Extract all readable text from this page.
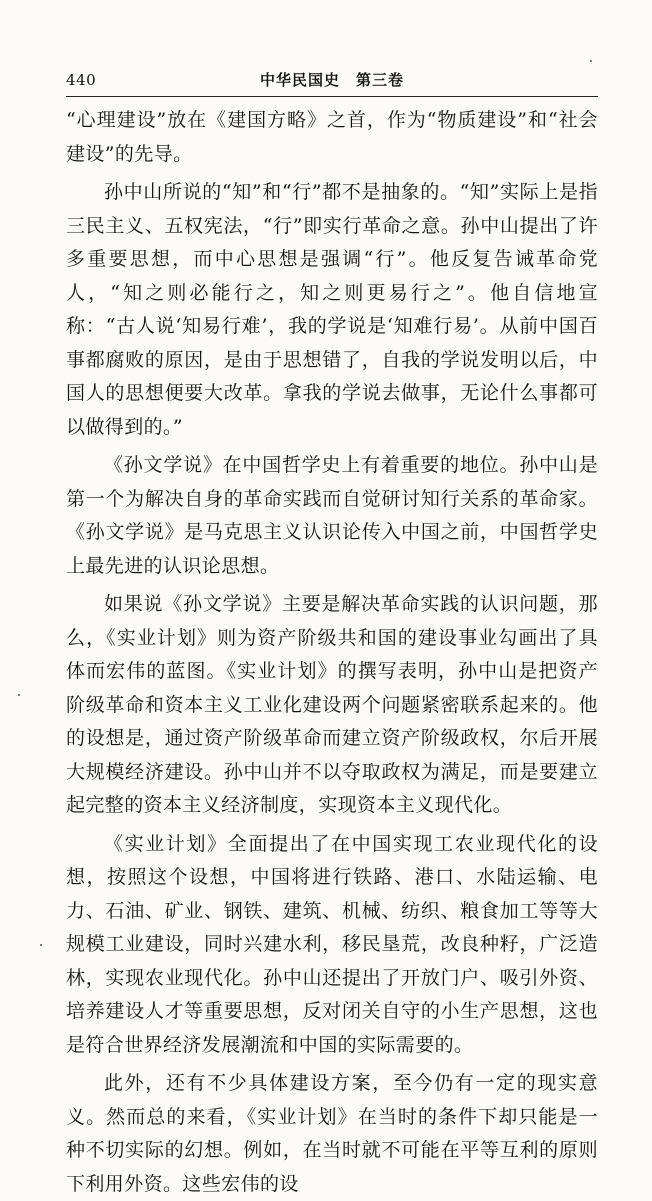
440	中华民国史　第三卷

“心理建设”放在《建国方略》之首，作为“物质建设”和“社会建设”的先导。

孙中山所说的“知”和“行”都不是抽象的。“知”实际上是指三民主义、五权宪法，“行”即实行革命之意。孙中山提出了许多重要思想，而中心思想是强调“行”。他反复告诫革命党人，“知之则必能行之，知之则更易行之”。他自信地宣称：“古人说‘知易行难’，我的学说是‘知难行易’。从前中国百事都腐败的原因，是由于思想错了，自我的学说发明以后，中国人的思想便要大改革。拿我的学说去做事，无论什么事都可以做得到的。”

《孙文学说》在中国哲学史上有着重要的地位。孙中山是第一个为解决自身的革命实践而自觉研讨知行关系的革命家。《孙文学说》是马克思主义认识论传入中国之前，中国哲学史上最先进的认识论思想。

如果说《孙文学说》主要是解决革命实践的认识问题，那么，《实业计划》则为资产阶级共和国的建设事业勾画出了具体而宏伟的蓝图。《实业计划》的撰写表明，孙中山是把资产阶级革命和资本主义工业化建设两个问题紧密联系起来的。他的设想是，通过资产阶级革命而建立资产阶级政权，尔后开展大规模经济建设。孙中山并不以夺取政权为满足，而是要建立起完整的资本主义经济制度，实现资本主义现代化。

《实业计划》全面提出了在中国实现工农业现代化的设想，按照这个设想，中国将进行铁路、港口、水陆运输、电力、石油、矿业、钢铁、建筑、机械、纺织、粮食加工等等大规模工业建设，同时兴建水利，移民垦荒，改良种籽，广泛造林，实现农业现代化。孙中山还提出了开放门户、吸引外资、培养建设人才等重要思想，反对闭关自守的小生产思想，这也是符合世界经济发展潮流和中国的实际需要的。

此外，还有不少具体建设方案，至今仍有一定的现实意义。然而总的来看，《实业计划》在当时的条件下却只能是一种不切实际的幻想。例如，在当时就不可能在平等互利的原则下利用外资。这些宏伟的设
